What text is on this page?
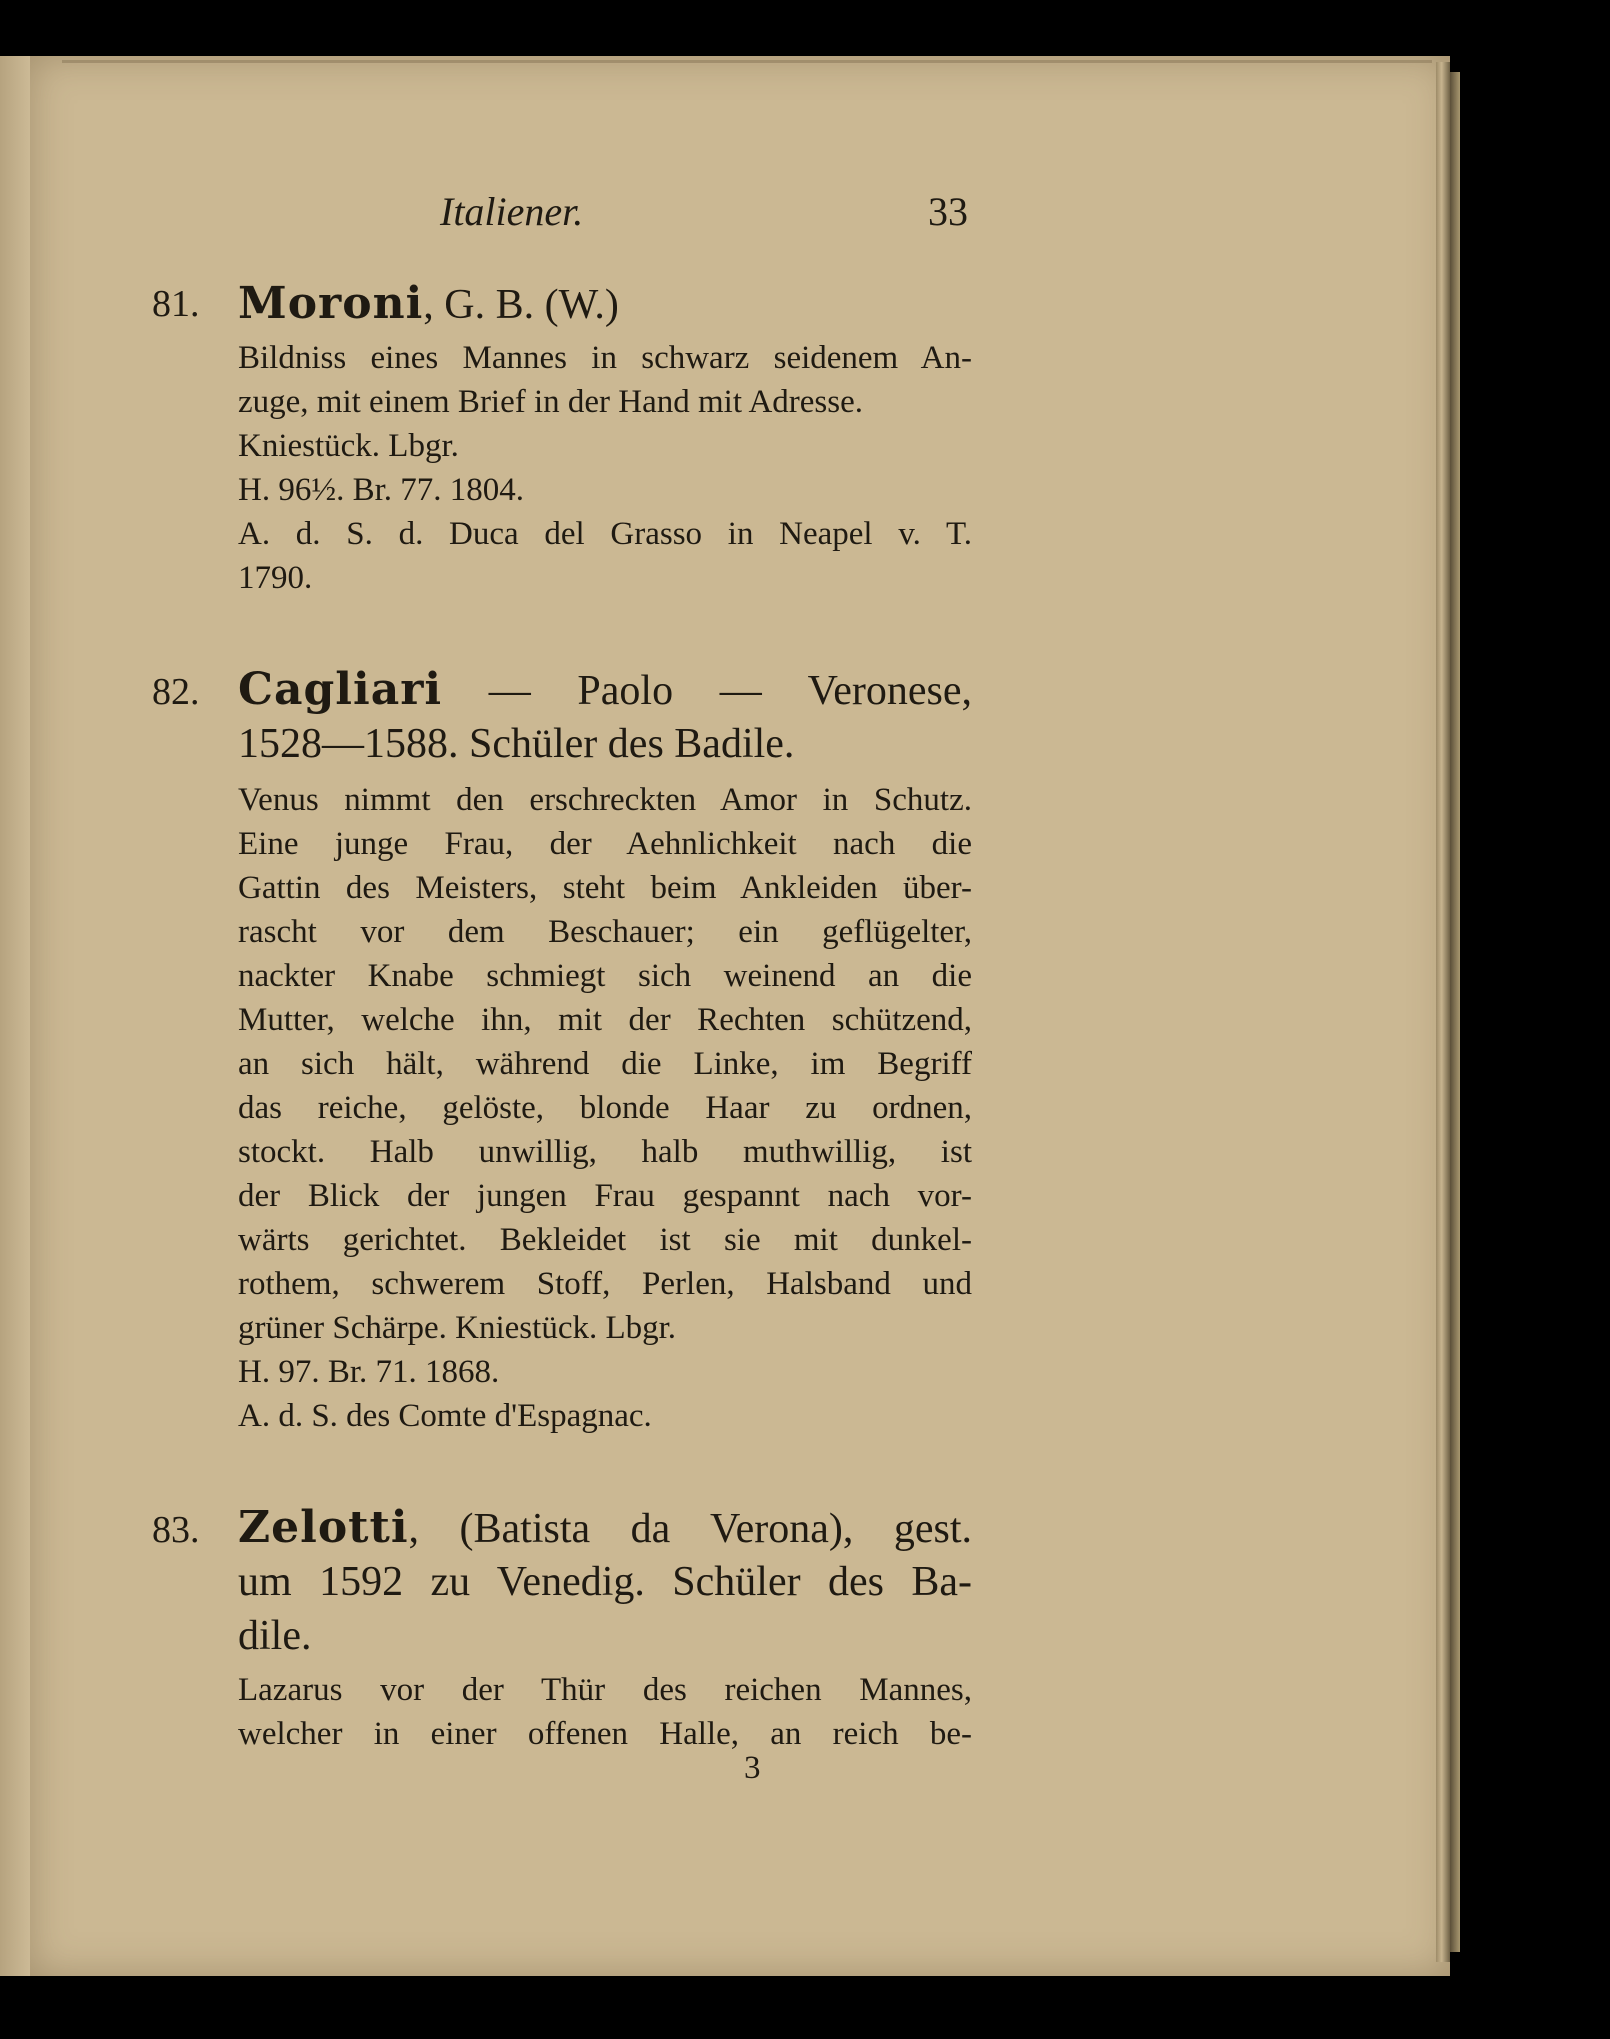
Italiener.	33
81. Moroni, G. B. (W.)
Bildniss eines Mannes in schwarz seidenem An-
zuge, mit einem Brief in der Hand mit Adresse.
Kniestück. Lbgr.
H. 96½. Br. 77. 1804.
A. d. S. d. Duca del Grasso in Neapel v. T.
1790.
82. Cagliari — Paolo — Veronese,
1528—1588. Schüler des Badile.
Venus nimmt den erschreckten Amor in Schutz.
Eine junge Frau, der Aehnlichkeit nach die
Gattin des Meisters, steht beim Ankleiden über-
rascht vor dem Beschauer; ein geflügelter,
nackter Knabe schmiegt sich weinend an die
Mutter, welche ihn, mit der Rechten schützend,
an sich hält, während die Linke, im Begriff
das reiche, gelöste, blonde Haar zu ordnen,
stockt. Halb unwillig, halb muthwillig, ist
der Blick der jungen Frau gespannt nach vor-
wärts gerichtet. Bekleidet ist sie mit dunkel-
rothem, schwerem Stoff, Perlen, Halsband und
grüner Schärpe. Kniestück. Lbgr.
H. 97. Br. 71. 1868.
A. d. S. des Comte d'Espagnac.
83. Zelotti, (Batista da Verona), gest.
um 1592 zu Venedig. Schüler des Ba-
dile.
Lazarus vor der Thür des reichen Mannes,
welcher in einer offenen Halle, an reich be-
3
